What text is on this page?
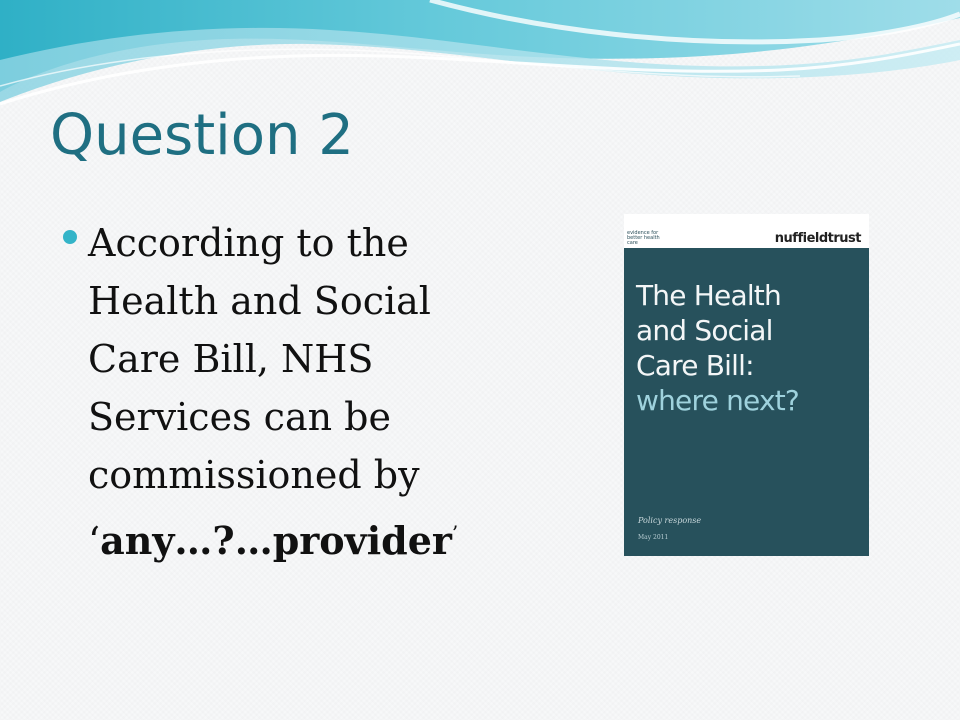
Question 2
According to the
Health and Social
Care Bill, NHS
Services can be
commissioned by
‘any…?…provider’
evidence for better health care	nuffieldtrust
The Health
and Social
Care Bill:
where next?
Policy response
May 2011
